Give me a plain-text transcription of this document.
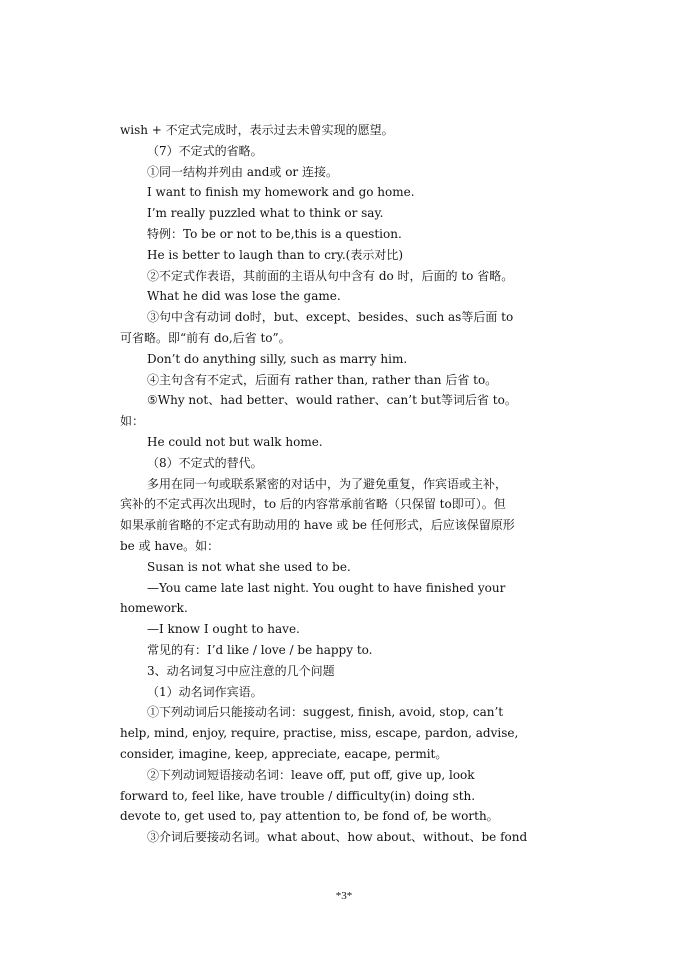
wish + 不定式完成时，表示过去未曾实现的愿望。
（7）不定式的省略。
①同一结构并列由 and或 or 连接。
I want to finish my homework and go home.
I’m really puzzled what to think or say.
特例：To be or not to be,this is a question.
He is better to laugh than to cry.(表示对比)
②不定式作表语，其前面的主语从句中含有 do 时，后面的 to 省略。
What he did was lose the game.
③句中含有动词 do时，but、except、besides、such as等后面 to
可省略。即“前有 do,后省 to”。
Don’t do anything silly, such as marry him.
④主句含有不定式，后面有 rather than, rather than 后省 to。
⑤Why not、had better、would rather、can’t but等词后省 to。
如：
He could not but walk home.
（8）不定式的替代。
多用在同一句或联系紧密的对话中，为了避免重复，作宾语或主补，
宾补的不定式再次出现时，to 后的内容常承前省略（只保留 to即可）。但
如果承前省略的不定式有助动用的 have 或 be 任何形式，后应该保留原形
be 或 have。如：
Susan is not what she used to be.
—You came late last night. You ought to have finished your
homework.
—I know I ought to have.
常见的有：I’d like / love / be happy to.
3、动名词复习中应注意的几个问题
（1）动名词作宾语。
①下列动词后只能接动名词：suggest, finish, avoid, stop, can’t
help, mind, enjoy, require, practise, miss, escape, pardon, advise,
consider, imagine, keep, appreciate, eacape, permit。
②下列动词短语接动名词：leave off, put off, give up, look
forward to, feel like, have trouble / difficulty(in) doing sth.
devote to, get used to, pay attention to, be fond of, be worth。
③介词后要接动名词。what about、how about、without、be fond
*3*
